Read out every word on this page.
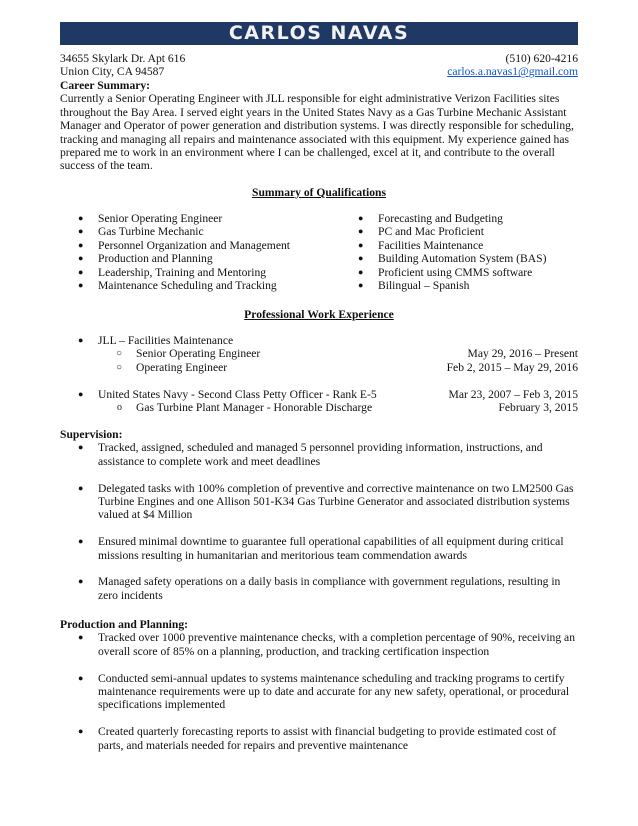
CARLOS NAVAS
34655 Skylark Dr. Apt 616	(510) 620-4216
Union City, CA 94587	carlos.a.navas1@gmail.com
Career Summary:
Currently a Senior Operating Engineer with JLL responsible for eight administrative Verizon Facilities sites throughout the Bay Area. I served eight years in the United States Navy as a Gas Turbine Mechanic Assistant Manager and Operator of power generation and distribution systems. I was directly responsible for scheduling, tracking and managing all repairs and maintenance associated with this equipment. My experience gained has prepared me to work in an environment where I can be challenged, excel at it, and contribute to the overall success of the team.
Summary of Qualifications
● Senior Operating Engineer
● Gas Turbine Mechanic
● Personnel Organization and Management
● Production and Planning
● Leadership, Training and Mentoring
● Maintenance Scheduling and Tracking
● Forecasting and Budgeting
● PC and Mac Proficient
● Facilities Maintenance
● Building Automation System (BAS)
● Proficient using CMMS software
● Bilingual – Spanish
Professional Work Experience
● JLL – Facilities Maintenance
○ Senior Operating Engineer	May 29, 2016 – Present
○ Operating Engineer	Feb 2, 2015 – May 29, 2016
● United States Navy - Second Class Petty Officer - Rank E-5	Mar 23, 2007 – Feb 3, 2015
o Gas Turbine Plant Manager - Honorable Discharge	February 3, 2015
Supervision:
● Tracked, assigned, scheduled and managed 5 personnel providing information, instructions, and assistance to complete work and meet deadlines
● Delegated tasks with 100% completion of preventive and corrective maintenance on two LM2500 Gas Turbine Engines and one Allison 501-K34 Gas Turbine Generator and associated distribution systems valued at $4 Million
● Ensured minimal downtime to guarantee full operational capabilities of all equipment during critical missions resulting in humanitarian and meritorious team commendation awards
● Managed safety operations on a daily basis in compliance with government regulations, resulting in zero incidents
Production and Planning:
● Tracked over 1000 preventive maintenance checks, with a completion percentage of 90%, receiving an overall score of 85% on a planning, production, and tracking certification inspection
● Conducted semi-annual updates to systems maintenance scheduling and tracking programs to certify maintenance requirements were up to date and accurate for any new safety, operational, or procedural specifications implemented
● Created quarterly forecasting reports to assist with financial budgeting to provide estimated cost of parts, and materials needed for repairs and preventive maintenance
